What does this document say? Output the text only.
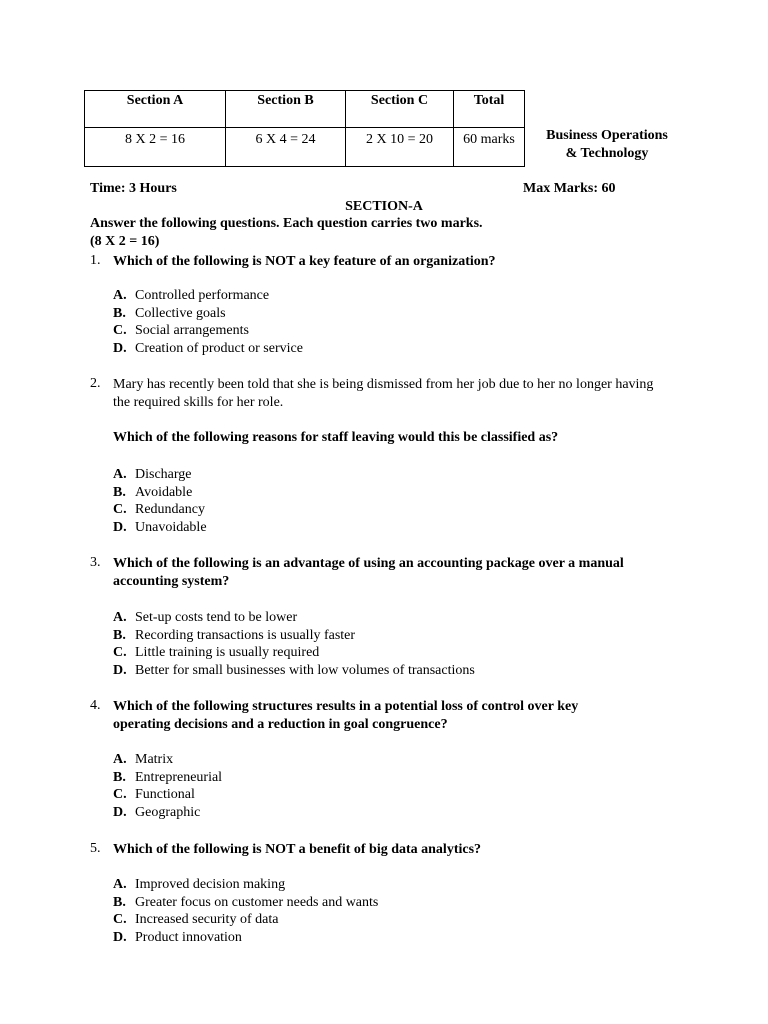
Section A	Section B	Section C	Total
8 X 2 = 16	6 X 4 = 24	2 X 10 = 20	60 marks	Business Operations
& Technology
Time: 3 Hours	Max Marks: 60
SECTION-A
Answer the following questions. Each question carries two marks.
(8 X 2 = 16)
1. Which of the following is NOT a key feature of an organization?
A. Controlled performance
B. Collective goals
C. Social arrangements
D. Creation of product or service
2. Mary has recently been told that she is being dismissed from her job due to her no longer having the required skills for her role.
Which of the following reasons for staff leaving would this be classified as?
A. Discharge
B. Avoidable
C. Redundancy
D. Unavoidable
3. Which of the following is an advantage of using an accounting package over a manual accounting system?
A. Set-up costs tend to be lower
B. Recording transactions is usually faster
C. Little training is usually required
D. Better for small businesses with low volumes of transactions
4. Which of the following structures results in a potential loss of control over key operating decisions and a reduction in goal congruence?
A. Matrix
B. Entrepreneurial
C. Functional
D. Geographic
5. Which of the following is NOT a benefit of big data analytics?
A. Improved decision making
B. Greater focus on customer needs and wants
C. Increased security of data
D. Product innovation
